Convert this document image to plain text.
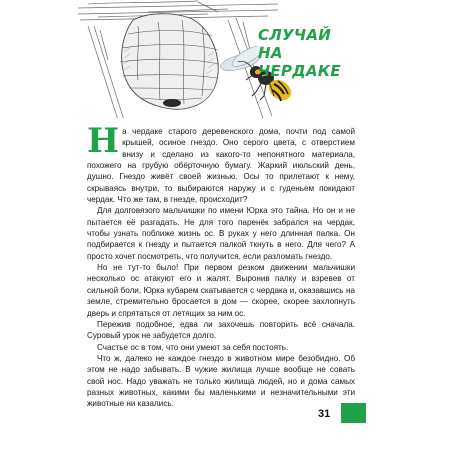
СЛУЧАЙ
НА ЧЕРДАКЕ

На чердаке старого деревенского дома, почти под самой крышей, осиное гнездо. Оно серого цвета, с отверстием внизу и сделано из какого-то непонятного материала, похожего на грубую обёрточную бумагу. Жаркий июльский день, душно. Гнездо живёт своей жизнью. Осы то прилетают к нему, скрываясь внутри, то выбираются наружу и с гуденьем покидают чердак. Что же там, в гнезде, происходит?

Для долговязого мальчишки по имени Юрка это тайна. Но он и не пытается её разгадать. Не для того паренёк забрался на чердак, чтобы узнать поближе жизнь ос. В руках у него длинная палка. Он подбирается к гнезду и пытается палкой ткнуть в него. Для чего? А просто хочет посмотреть, что получится, если разломать гнездо.

Но не тут-то было! При первом резком движении мальчишки несколько ос атакуют его и жалят. Выронив палку и взревев от сильной боли, Юрка кубарем скатывается с чердака и, оказавшись на земле, стремительно бросается в дом — скорее, скорее захлопнуть дверь и спрятаться от летящих за ним ос.

Пережив подобное, едва ли захочешь повторить всё сначала. Суровый урок не забудется долго.

Счастье ос в том, что они умеют за себя постоять.

Что ж, далеко не каждое гнездо в животном мире безобидно. Об этом не надо забывать. В чужие жилища лучше вообще не совать свой нос. Надо уважать не только жилища людей, но и дома самых разных животных, какими бы маленькими и незначительными эти животные ни казались.

31
